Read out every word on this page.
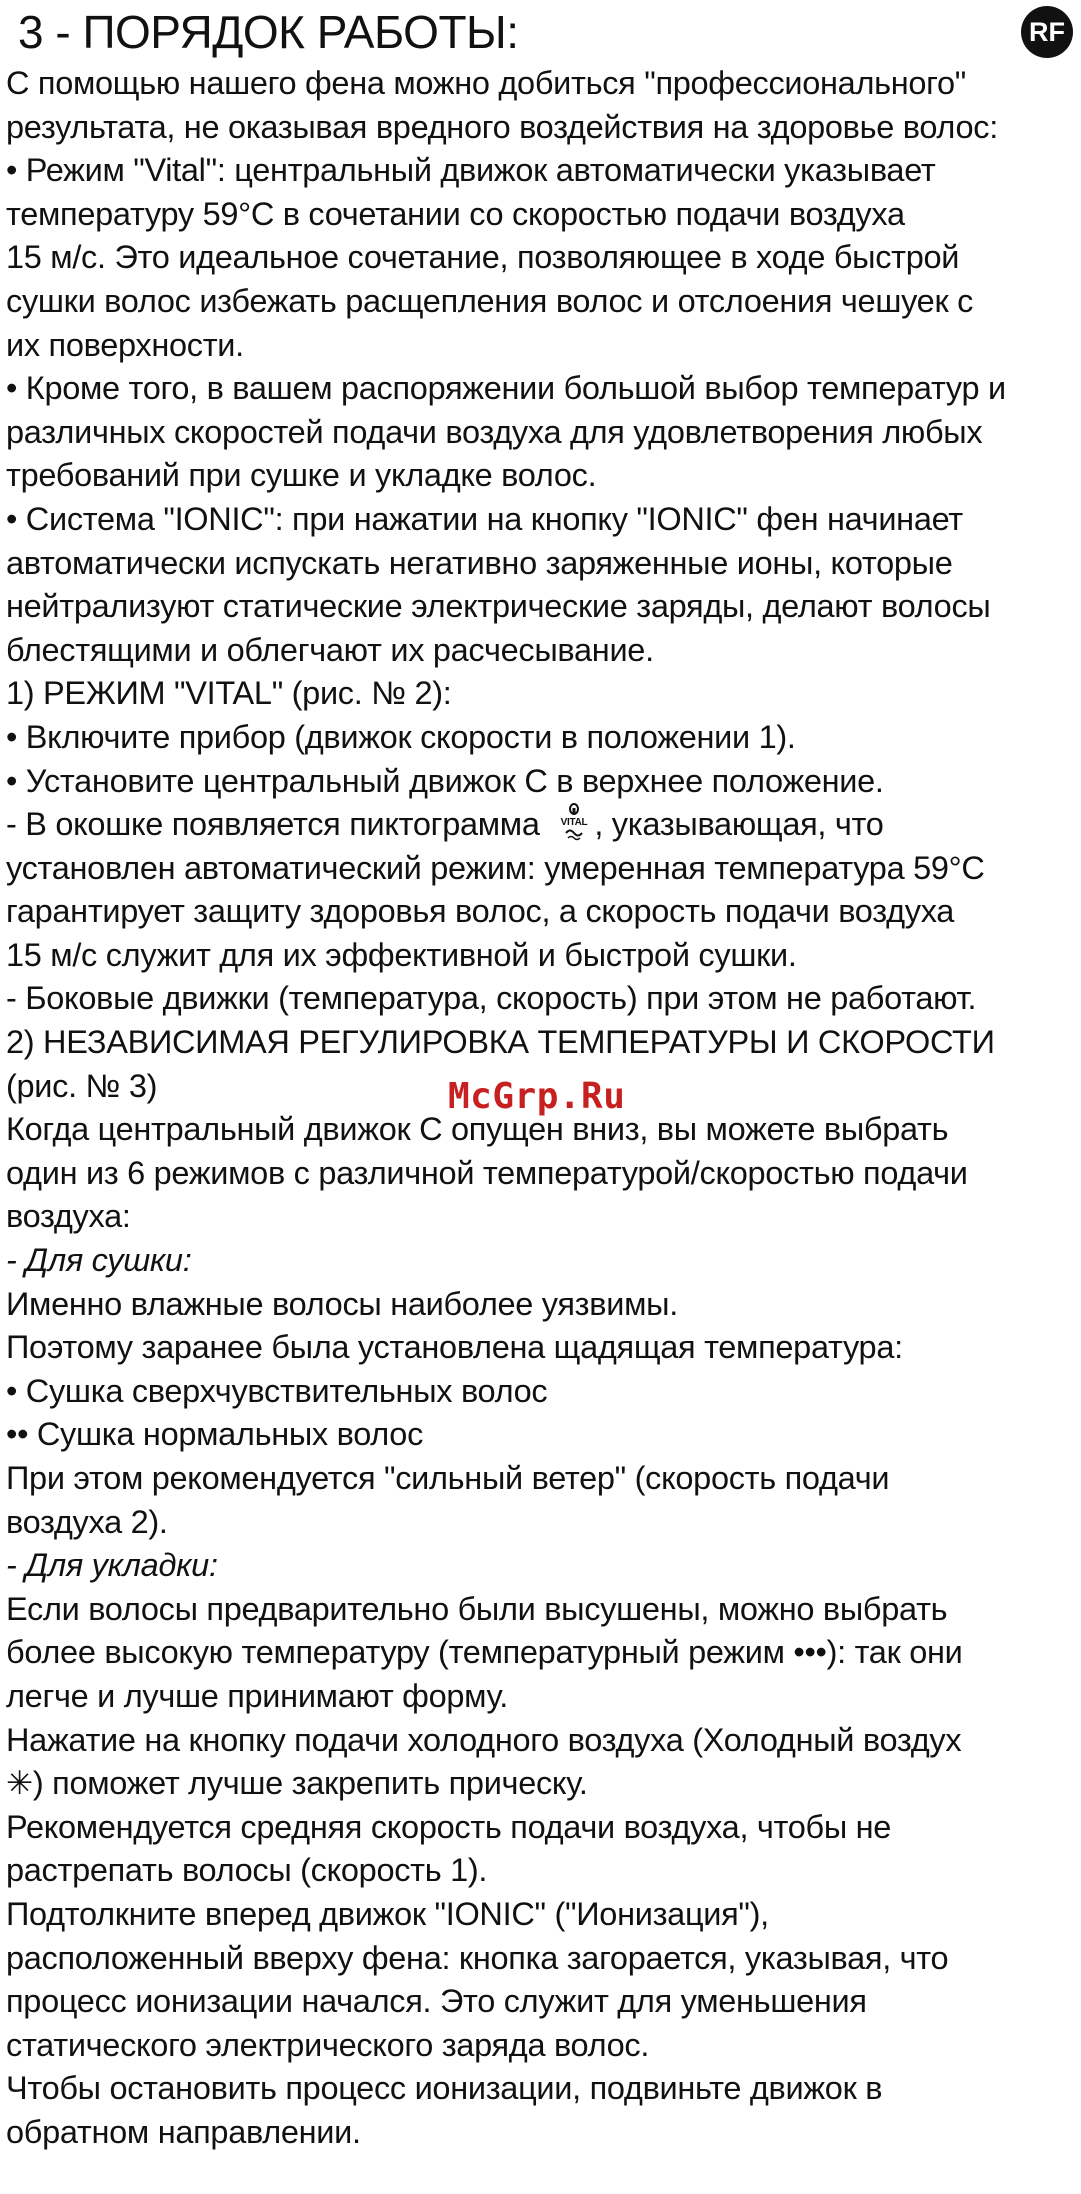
3 - ПОРЯДОК РАБОТЫ:	RF
С помощью нашего фена можно добиться "профессионального"
результата, не оказывая вредного воздействия на здоровье волос:
• Режим "Vital": центральный движок автоматически указывает
температуру 59°С в сочетании со скоростью подачи воздуха
15 м/с. Это идеальное сочетание, позволяющее в ходе быстрой
сушки волос избежать расщепления волос и отслоения чешуек с
их поверхности.
• Кроме того, в вашем распоряжении большой выбор температур и
различных скоростей подачи воздуха для удовлетворения любых
требований при сушке и укладке волос.
• Система "IONIC": при нажатии на кнопку "IONIC" фен начинает
автоматически испускать негативно заряженные ионы, которые
нейтрализуют статические электрические заряды, делают волосы
блестящими и облегчают их расчесывание.
1) РЕЖИМ "VITAL" (рис. № 2):
• Включите прибор (движок скорости в положении 1).
• Установите центральный движок С в верхнее положение.
- В окошке появляется пиктограмма VITAL , указывающая, что
установлен автоматический режим: умеренная температура 59°С
гарантирует защиту здоровья волос, а скорость подачи воздуха
15 м/с служит для их эффективной и быстрой сушки.
- Боковые движки (температура, скорость) при этом не работают.
2) НЕЗАВИСИМАЯ РЕГУЛИРОВКА ТЕМПЕРАТУРЫ И СКОРОСТИ
(рис. № 3)
Когда центральный движок С опущен вниз, вы можете выбрать
один из 6 режимов с различной температурой/скоростью подачи
воздуха:
- Для сушки:
Именно влажные волосы наиболее уязвимы.
Поэтому заранее была установлена щадящая температура:
• Сушка сверхчувствительных волос
•• Сушка нормальных волос
При этом рекомендуется "сильный ветер" (скорость подачи
воздуха 2).
- Для укладки:
Если волосы предварительно были высушены, можно выбрать
более высокую температуру (температурный режим •••): так они
легче и лучше принимают форму.
Нажатие на кнопку подачи холодного воздуха (Холодный воздух
✳) поможет лучше закрепить прическу.
Рекомендуется средняя скорость подачи воздуха, чтобы не
растрепать волосы (скорость 1).
Подтолкните вперед движок "IONIC" ("Ионизация"),
расположенный вверху фена: кнопка загорается, указывая, что
процесс ионизации начался. Это служит для уменьшения
статического электрического заряда волос.
Чтобы остановить процесс ионизации, подвиньте движок в
обратном направлении.
McGrp.Ru
